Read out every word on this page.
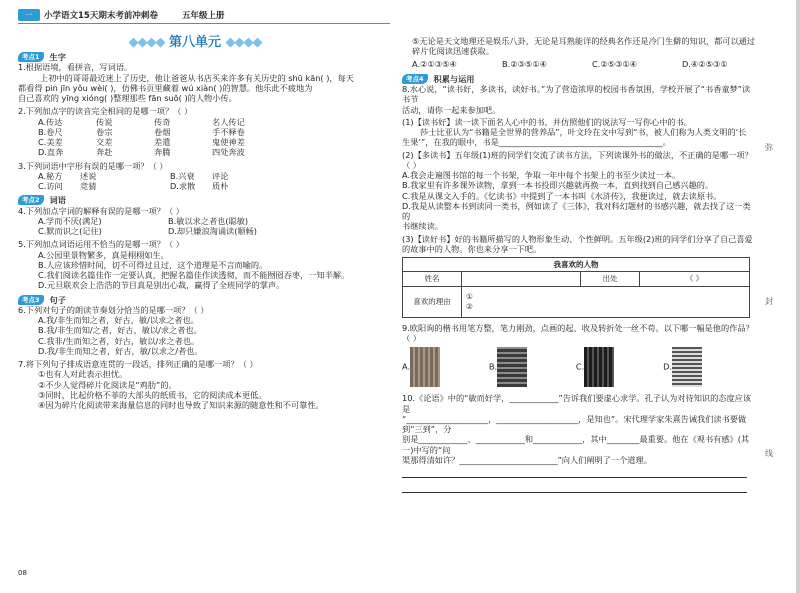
一	小学语文15天期末考前冲刺卷	五年级上册
◆◆◆◆ 第八单元 ◆◆◆◆
考点1	生字
1.根据语境，看拼音，写词语。
上初中的哥哥最近迷上了历史，他让爸爸从书店买来许多有关历史的 shū kān( )，每天
都看得 pin jīn yǒu wèi( )，仿佛书页里藏着 wú xiàn( )的智慧。他乐此不疲地为
自己喜欢的 yīng xióng( )整理那些 fān suǒ( )的人物小传。
2.下列加点字的读音完全相同的是哪一项？（ ）
A.传达	传说	传奇	名人传记
B.卷尺	卷宗	卷烟	手不释卷
C.美差	交差	差遣	鬼使神差
D.直奔	奔赴	奔腾	四处奔波
3.下列词语中字形有误的是哪一项？（ ）
A.秘方	述说	B.兴衰	评论
C.访问	竞猜	D.求散	质朴
考点2	词语
4.下列加点字词的解释有误的是哪一项？（ ）
A.学而不厌(满足)	B.敏以求之者也(聪敏)
C.默而识之(记住)	D.却只嫌浪淘诵读(顺畅)
5.下列加点词语运用不恰当的是哪一项？（ ）
A.公园里景物繁多，真是栩栩如生。
B.人应该珍惜时间，切不可得过且过，这个道理是不言而喻的。
C.我们阅读名篇佳作一定要认真，把握名篇佳作读透彻，而不能囫囵吞枣，一知半解。
D.元旦联欢会上浩浩的节目真是别出心裁，赢得了全班同学的掌声。
考点3	句子
6.下列对句子的朗读节奏划分恰当的是哪一项？（ ）
A.我/非生而知之者，好古，敏/以求之者也。
B.我/非生而知/之者，好古，敏以/求之者也。
C.我非/生而知之者，好古，敏以/求之者也。
D.我/非生而知之者，好古，敏/以求之/者也。
7.将下列句子排成语意连贯的一段话，排列正确的是哪一项？（ ）
①也有人对此表示担忧。
②不少人觉得碎片化阅读是“鸡肋”的。
③同时，比起价格不菲的大部头的纸质书，它的阅读成本更低。
④因为碎片化阅读带来海量信息的同时也导致了知识来源的随意性和不可靠性。
08
⑤无论是天文地理还是娱乐八卦，无论是耳熟能详的经典名作还是冷门生僻的知识，都可以通过
碎片化阅读迅速获取。
A.②①③⑤④	B.②③⑤①④	C.②⑤③①④	D.④②⑤③①
考点4	积累与运用
8.水心说，“读书好，多读书，读好书。”为了营造浓厚的校园书香氛围，学校开展了“书香童梦”读书节
活动，请你一起来参加吧。
(1)【读书好】读一读下面名人心中的书，并仿照他们的说法写一写你心中的书。
莎士比亚认为“书籍是全世界的营养品”，叶文玲在文中写到“书，被人们称为人类文明的‘长
生果’”，在我的眼中，书是________________________________________。
(2)【多读书】五年级(1)班的同学们交流了读书方法，下列读课外书的做法，不正确的是哪一项？
（ ）
A.我会走遍图书馆的每一个书架，争取一年中每个书架上的书至少读过一本。
B.我家里有许多课外读物，拿到一本书投即兴趣就再换一本，直到找到自己感兴趣的。
C.我是从课文入手的。《忆读书》中提到了一本书叫《水浒传》，我便读过，就去读原书。
D.我是从读整本书到读同一类书，例如读了《三体》，我对科幻题材的书感兴趣，就去找了这一类的
书继续读。
(3)【读好书】好的书籍所描写的人物形象生动、个性鲜明。五年级(2)班的同学们分享了自己喜爱
的故事中的人物。你也来分享一下吧。
我喜欢的人物			
姓名		出处	《 》
喜欢的理由	①
②		
9.欧阳询的楷书用笔方整，笔力刚劲，点画的起、收及转折处一丝不苟。以下哪一幅是他的作品？（ ）
A.	B.	C.	D.
10.《论语》中的“敏而好学，____________”告诉我们要虚心求学。孔子认为对待知识的态度应该是
“____________________，____________________，是知也”。宋代理学家朱熹告诫我们读书要做到“三到”，分
别是____________、____________和____________，其中________最重要。他在《观书有感》(其一)中写的“问
渠那得清如许？________________________”向人们阐明了一个道理。

弥
封
线
